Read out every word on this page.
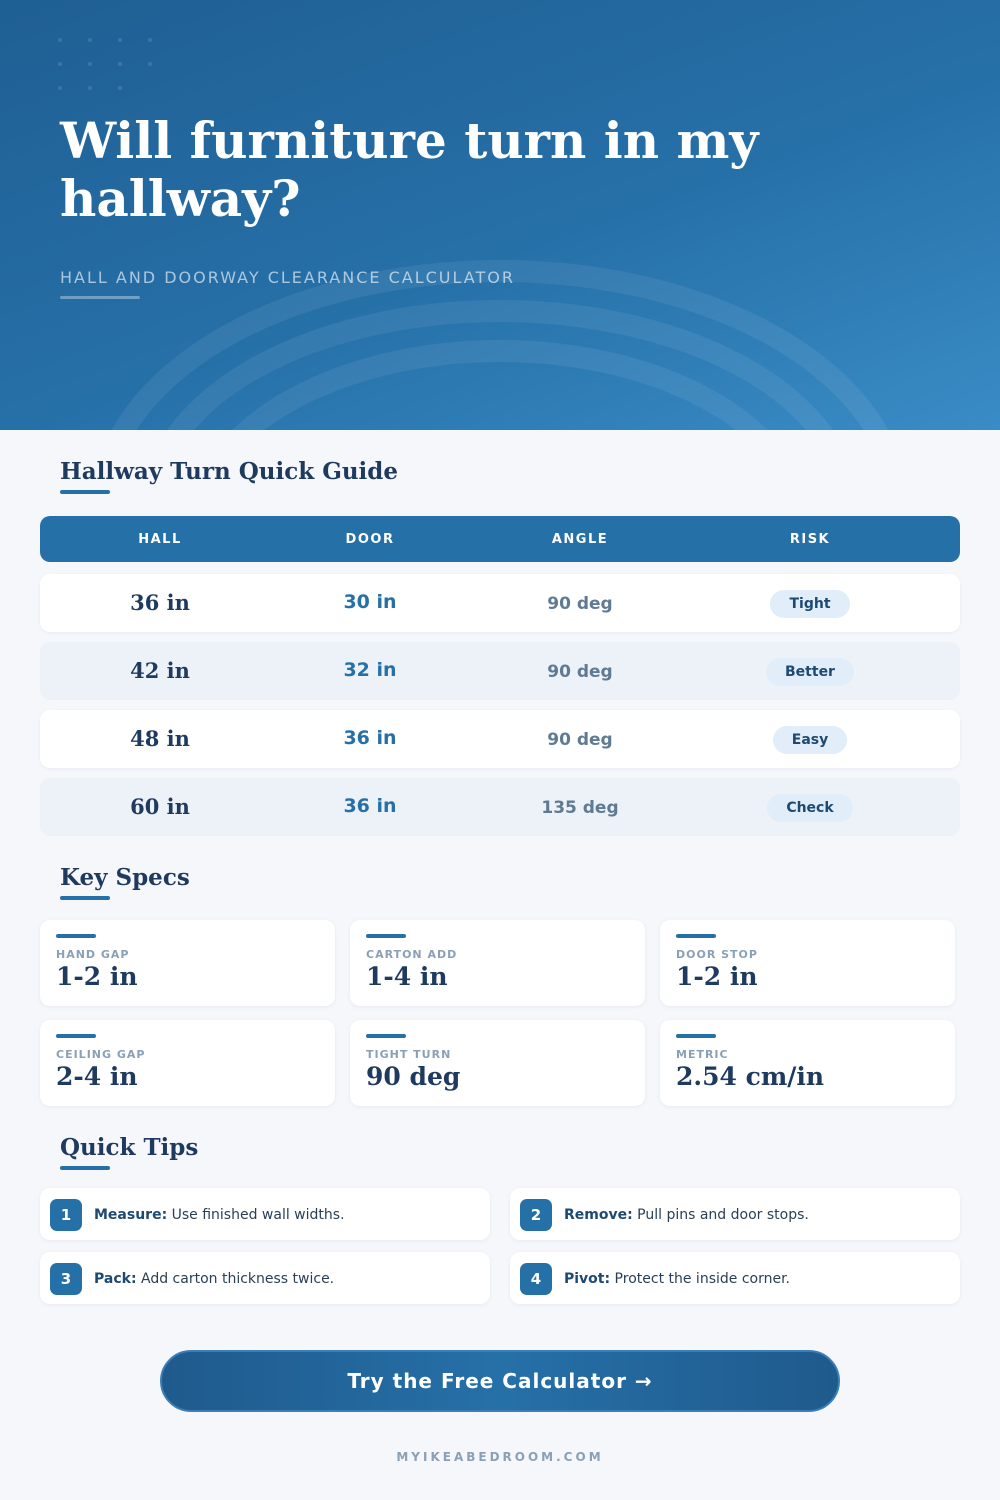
Will furniture turn in my hallway?
HALL AND DOORWAY CLEARANCE CALCULATOR
Hallway Turn Quick Guide
HALL	DOOR	ANGLE	RISK
36 in	30 in	90 deg	Tight
42 in	32 in	90 deg	Better
48 in	36 in	90 deg	Easy
60 in	36 in	135 deg	Check
Key Specs
HAND GAP
1-2 in
CARTON ADD
1-4 in
DOOR STOP
1-2 in
CEILING GAP
2-4 in
TIGHT TURN
90 deg
METRIC
2.54 cm/in
Quick Tips
1	Measure: Use finished wall widths.	2	Remove: Pull pins and door stops.
3	Pack: Add carton thickness twice.	4	Pivot: Protect the inside corner.
Try the Free Calculator →
MYIKEABEDROOM.COM
